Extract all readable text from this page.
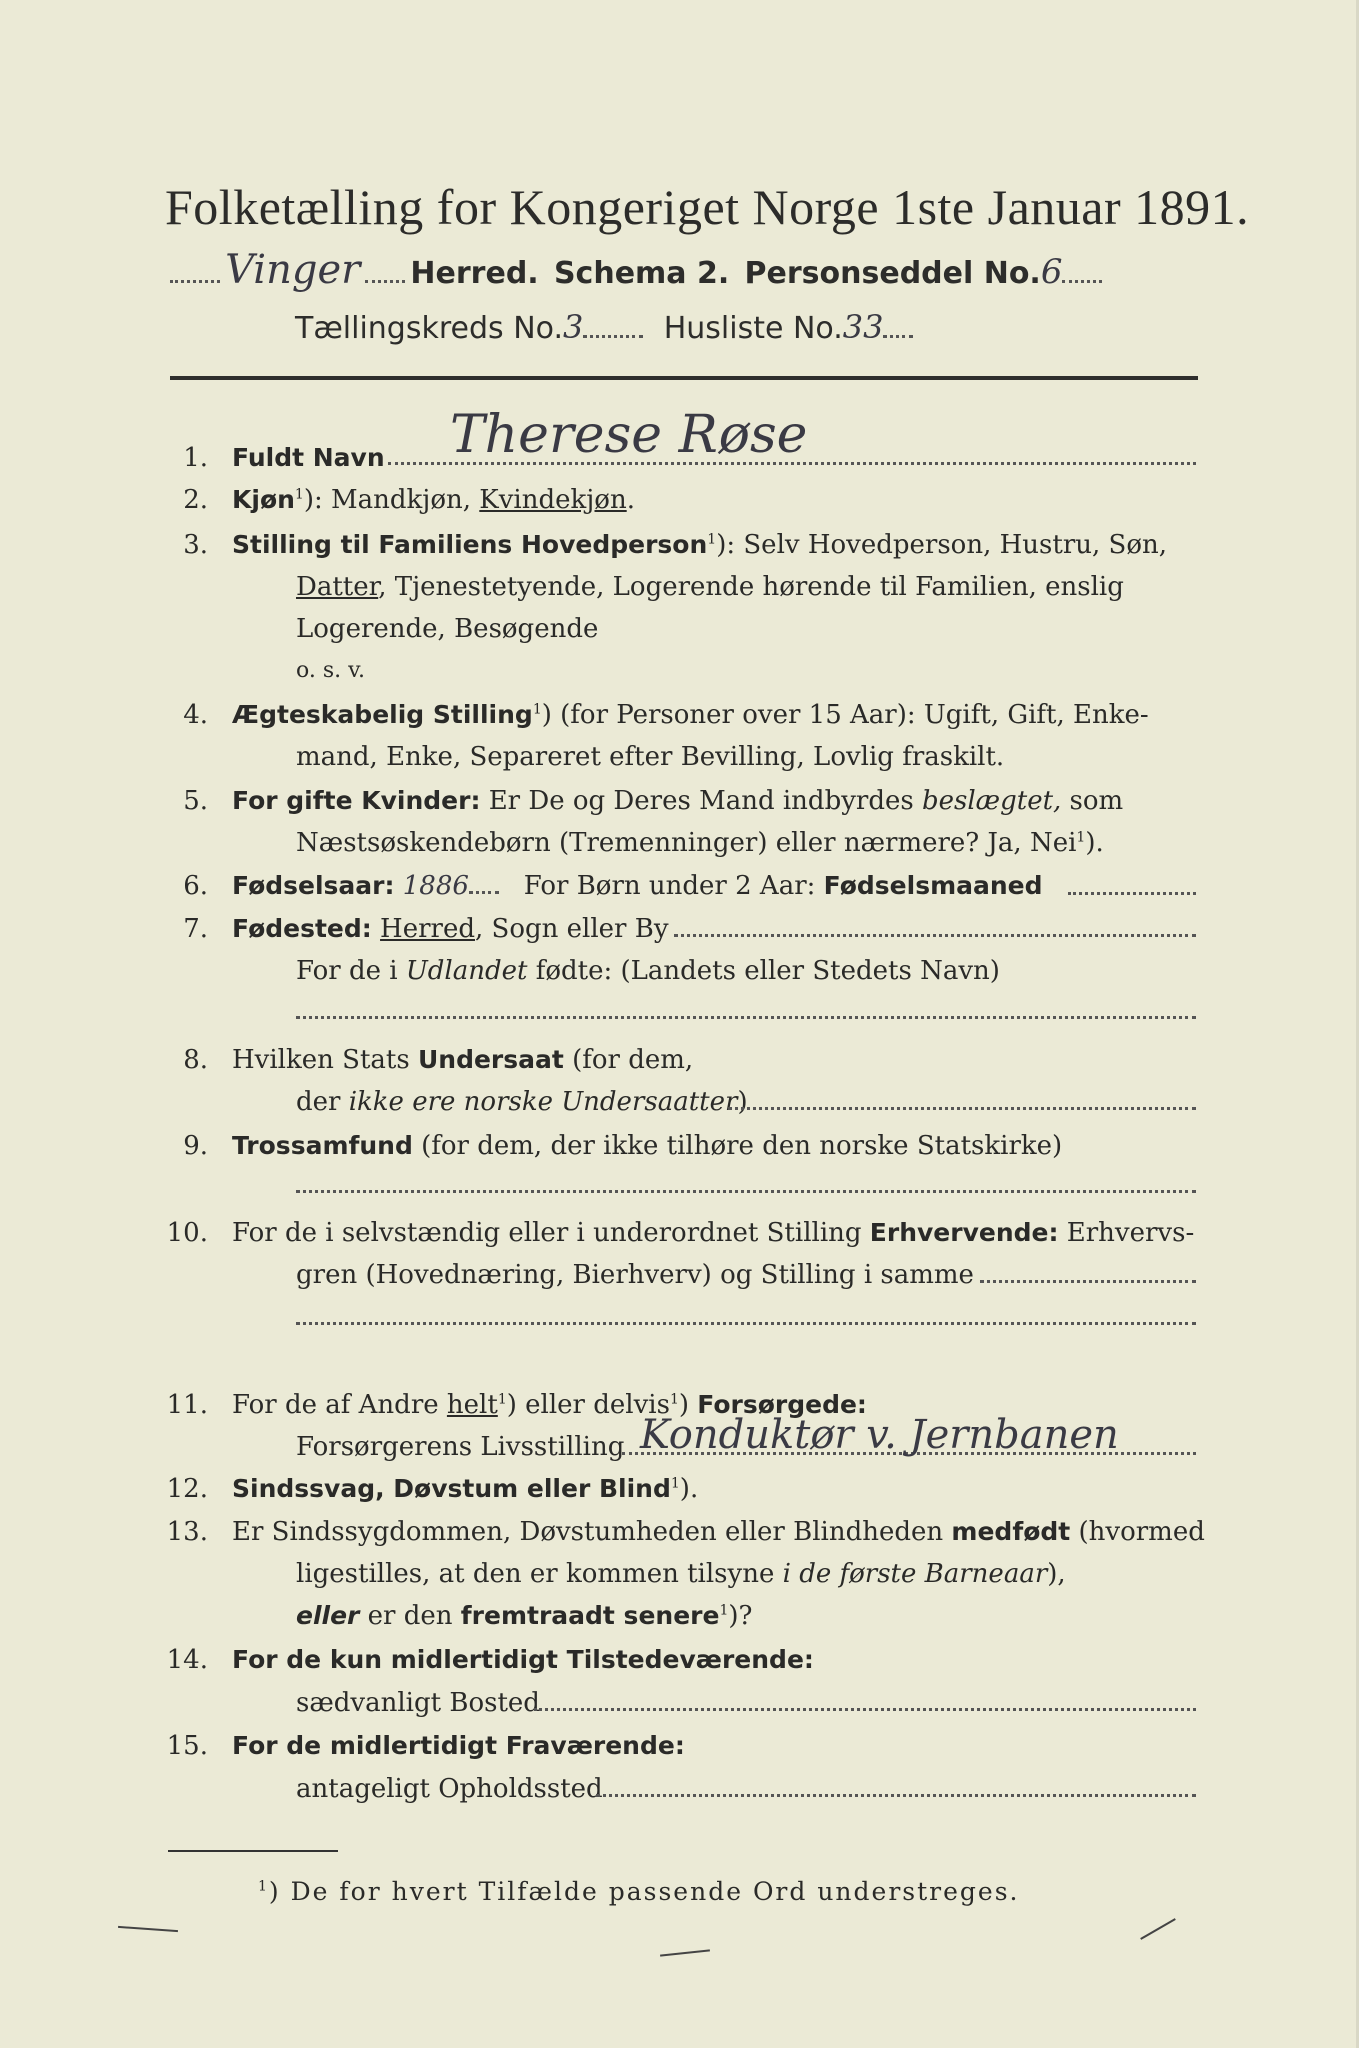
Folketælling for Kongeriget Norge 1ste Januar 1891.
Vinger Herred. Schema 2. Personseddel No.6
Tællingskreds No.3	Husliste No.33
1. Fuldt Navn Therese Røse
2. Kjøn$^1$): Mandkjøn, Kvindekjøn.
3. Stilling til Familiens Hovedperson$^1$): Selv Hovedperson, Hustru, Søn,
Datter, Tjenestetyende, Logerende hørende til Familien, enslig
Logerende, Besøgende
o. s. v.
4. Ægteskabelig Stilling$^1$) (for Personer over 15 Aar): Ugift, Gift, Enke-
mand, Enke, Separeret efter Bevilling, Lovlig fraskilt.
5. For gifte Kvinder: Er De og Deres Mand indbyrdes beslægtet, som
Næstsøskendebørn (Tremenninger) eller nærmere? Ja, Nei$^1$).
6. Fødselsaar: 1886 For Børn under 2 Aar: Fødselsmaaned
7. Fødested: Herred, Sogn eller By
For de i Udlandet fødte: (Landets eller Stedets Navn)
8. Hvilken Stats Undersaat (for dem,
der ikke ere norske Undersaatter)
9. Trossamfund (for dem, der ikke tilhøre den norske Statskirke)
10. For de i selvstændig eller i underordnet Stilling Erhvervende: Erhvervs-
gren (Hovednæring, Bierhverv) og Stilling i samme
11. For de af Andre helt$^1$) eller delvis$^1$) Forsørgede:
Forsørgerens Livsstilling Konduktør v. Jernbanen
12. Sindssvag, Døvstum eller Blind$^1$).
13. Er Sindssygdommen, Døvstumheden eller Blindheden medfødt (hvormed
ligestilles, at den er kommen tilsyne i de første Barneaar),
eller er den fremtraadt senere$^1$)?
14. For de kun midlertidigt Tilstedeværende:
sædvanligt Bosted
15. For de midlertidigt Fraværende:
antageligt Opholdssted
$^1$) De for hvert Tilfælde passende Ord understreges.
